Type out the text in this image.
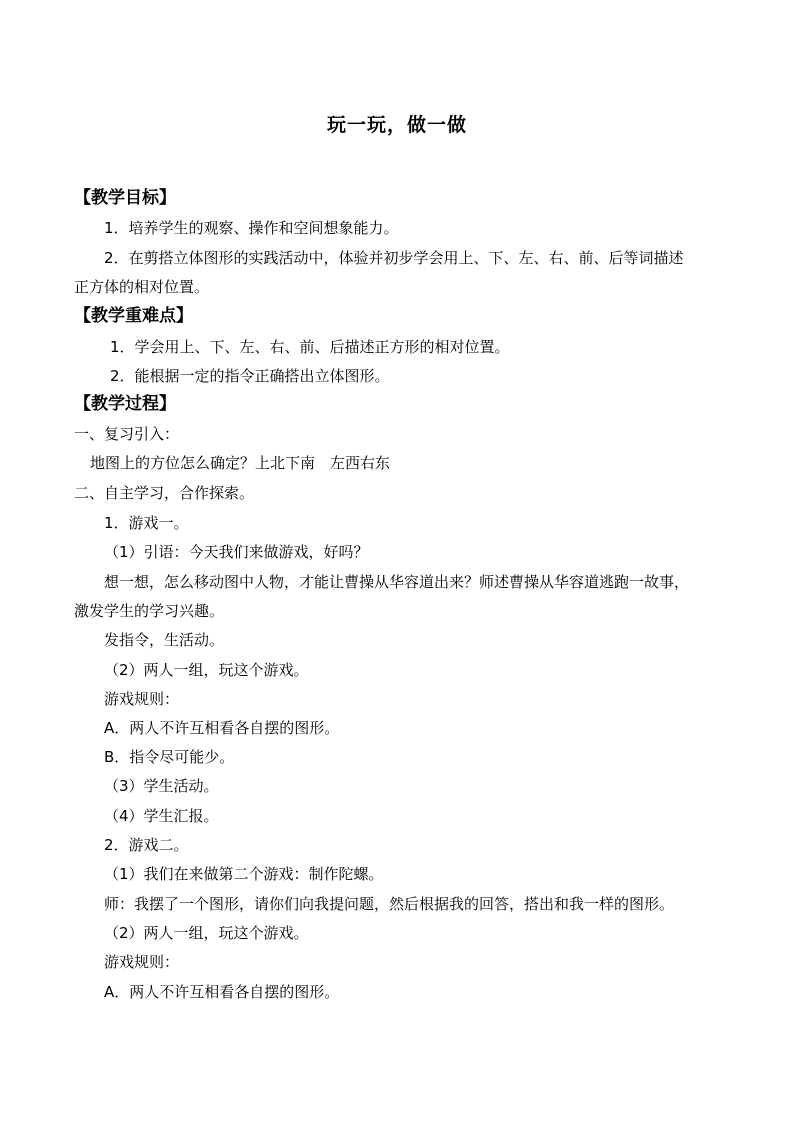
玩一玩，做一做
【教学目标】
1．培养学生的观察、操作和空间想象能力。
2．在剪搭立体图形的实践活动中，体验并初步学会用上、下、左、右、前、后等词描述
正方体的相对位置。
【教学重难点】
1．学会用上、下、左、右、前、后描述正方形的相对位置。
2．能根据一定的指令正确搭出立体图形。
【教学过程】
一、复习引入：
地图上的方位怎么确定？上北下南　左西右东
二、自主学习，合作探索。
1．游戏一。
（1）引语：今天我们来做游戏，好吗？
想一想，怎么移动图中人物，才能让曹操从华容道出来？师述曹操从华容道逃跑一故事，
激发学生的学习兴趣。
发指令，生活动。
（2）两人一组，玩这个游戏。
游戏规则：
A．两人不许互相看各自摆的图形。
B．指令尽可能少。
（3）学生活动。
（4）学生汇报。
2．游戏二。
（1）我们在来做第二个游戏：制作陀螺。
师：我摆了一个图形，请你们向我提问题，然后根据我的回答，搭出和我一样的图形。
（2）两人一组，玩这个游戏。
游戏规则：
A．两人不许互相看各自摆的图形。
